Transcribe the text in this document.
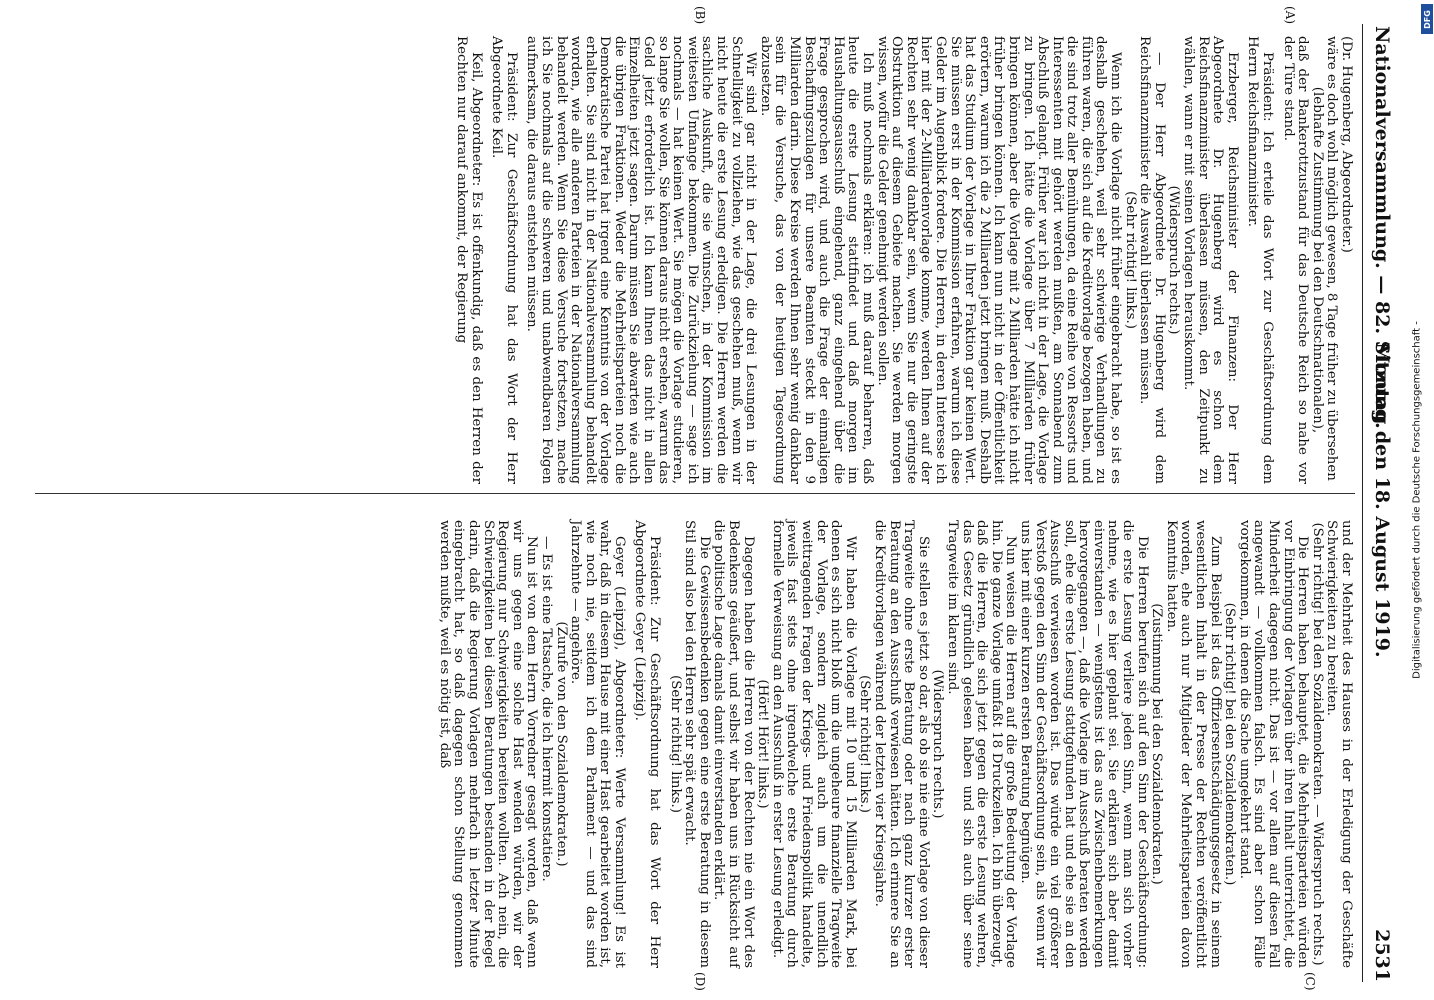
Nationalversammlung. — 82. Sitzung.
Montag den 18. August 1919.
2531
(A)
(B)
(C)
(D)

(Dr. Hugenberg, Abgeordneter.)

wäre es doch wohl möglich gewesen, 8 Tage früher zu übersehen

(lebhafte Zustimmung bei den Deutschnationalen),

daß der Bankerottzustand für das Deutsche Reich so nahe vor der Türe stand.

Präsident: Ich erteile das Wort zur Geschäftsordnung dem Herrn Reichsfinanzminister.

Erzberger, Reichsminister der Finanzen: Der Herr Abgeordnete Dr. Hugenberg wird es schon dem Reichsfinanzminister überlassen müssen, den Zeitpunkt zu wählen, wann er mit seinen Vorlagen herauskommt.

(Widerspruch rechts.)

— Der Herr Abgeordnete Dr. Hugenberg wird dem Reichsfinanzminister die Auswahl überlassen müssen.

(Sehr richtig! links.)

Wenn ich die Vorlage nicht früher eingebracht habe, so ist es deshalb geschehen, weil sehr schwierige Verhandlungen zu führen waren, die sich auf die Kreditvorlage bezogen haben, und die sind trotz aller Bemühungen, da eine Reihe von Ressorts und Interessenten mit gehört werden mußten, am Sonnabend zum Abschluß gelangt. Früher war ich nicht in der Lage, die Vorlage zu bringen. Ich hätte die Vorlage über 7 Milliarden früher bringen können, aber die Vorlage mit 2 Milliarden hätte ich nicht früher bringen können. Ich kann nun nicht in der Öffentlichkeit erörtern, warum ich die 2 Milliarden jetzt bringen muß. Deshalb hat das Studium der Vorlage in Ihrer Fraktion gar keinen Wert. Sie müssen erst in der Kommission erfahren, warum ich diese Gelder im Augenblick fordere. Die Herren, in deren Interesse ich hier mit der 2-Milliardenvorlage komme, werden Ihnen auf der Rechten sehr wenig dankbar sein, wenn Sie nur die geringste Obstruktion auf diesem Gebiete machen. Sie werden morgen wissen, wofür die Gelder genehmigt werden sollen.

Ich muß nochmals erklären: ich muß darauf beharren, daß heute die erste Lesung stattfindet und daß morgen im Haushaltungsausschuß eingehend, ganz eingehend über die Frage gesprochen wird, und auch die Frage der einmaligen Beschaffungszulagen für unsere Beamten steckt in den 9 Milliarden darin. Diese Kreise werden Ihnen sehr wenig dankbar sein für die Versuche, das von der heutigen Tagesordnung abzusetzen.

Wir sind gar nicht in der Lage, die drei Lesungen in der Schnelligkeit zu vollziehen, wie das geschehen muß, wenn wir nicht heute die erste Lesung erledigen. Die Herren werden die sachliche Auskunft, die sie wünschen, in der Kommission im weitesten Umfange bekommen. Die Zurückziehung — sage ich nochmals — hat keinen Wert. Sie mögen die Vorlage studieren, so lange Sie wollen, Sie können daraus nicht ersehen, warum das Geld jetzt erforderlich ist. Ich kann Ihnen das nicht in allen Einzelheiten jetzt sagen. Darum müssen Sie abwarten wie auch die übrigen Fraktionen. Weder die Mehrheitsparteien noch die Demokratische Partei hat irgend eine Kenntnis von der Vorlage erhalten. Sie sind nicht in der Nationalversammlung behandelt worden, wie alle anderen Parteien in der Nationalversammlung behandelt werden. Wenn Sie diese Versuche fortsetzen, mache ich Sie nochmals auf die schweren und unabwendbaren Folgen aufmerksam, die daraus entstehen müssen.

Präsident: Zur Geschäftsordnung hat das Wort der Herr Abgeordnete Keil.

Keil, Abgeordneter: Es ist offenkundig, daß es den Herren der Rechten nur darauf ankommt, der Regierung

und der Mehrheit des Hauses in der Erledigung der Geschäfte Schwierigkeiten zu bereiten.

(Sehr richtig! bei den Sozialdemokraten. — Widerspruch rechts.)

Die Herren haben behauptet, die Mehrheitsparteien würden vor Einbringung der Vorlagen über ihren Inhalt unterrichtet, die Minderheit dagegen nicht. Das ist — vor allem auf diesen Fall angewandt — vollkommen falsch. Es sind aber schon Fälle vorgekommen, in denen die Sache umgekehrt stand.

(Sehr richtig! bei den Sozialdemokraten.)

Zum Beispiel ist das Offiziersentschädigungsgesetz in seinem wesentlichen Inhalt in der Presse der Rechten veröffentlicht worden, ehe auch nur Mitglieder der Mehrheitsparteien davon Kenntnis hatten.

(Zustimmung bei den Sozialdemokraten.)

Die Herren berufen sich auf den Sinn der Geschäftsordnung: die erste Lesung verliere jeden Sinn, wenn man sich vorher nehme, wie es hier geplant sei. Sie erklären sich aber damit einverstanden — wenigstens ist das aus Zwischenbemerkungen hervorgegangen —, daß die Vorlage im Ausschuß beraten werden soll, ehe die erste Lesung stattgefunden hat und ehe sie an den Ausschuß verwiesen worden ist. Das würde ein viel größerer Verstoß gegen den Sinn der Geschäftsordnung sein, als wenn wir uns hier mit einer kurzen ersten Beratung begnügen.

Nun weisen die Herren auf die große Bedeutung der Vorlage hin. Die ganze Vorlage umfaßt 18 Druckzeilen. Ich bin überzeugt, daß die Herren, die sich jetzt gegen die erste Lesung wehren, das Gesetz gründlich gelesen haben und sich auch über seine Tragweite im klaren sind.

(Widerspruch rechts.)

Sie stellen es jetzt so dar, als ob sie nie eine Vorlage von dieser Tragweite ohne erste Beratung oder nach ganz kurzer erster Beratung an den Ausschuß verwiesen hätten. Ich erinnere Sie an die Kreditvorlagen während der letzten vier Kriegsjahre.

(Sehr richtig! links.)

Wir haben die Vorlage mit 10 und 15 Milliarden Mark, bei denen es sich nicht bloß um die ungeheure finanzielle Tragweite der Vorlage, sondern zugleich auch um die unendlich weittragenden Fragen der Kriegs- und Friedenspolitik handelte, jeweils fast stets ohne irgendwelche erste Beratung durch formelle Verweisung an den Ausschuß in erster Lesung erledigt.

(Hört! Hört! links.)

Dagegen haben die Herren von der Rechten nie ein Wort des Bedenkens geäußert, und selbst wir haben uns in Rücksicht auf die politische Lage damals damit einverstanden erklärt.

Die Gewissensbedenken gegen eine erste Beratung in diesem Stil sind also bei den Herren sehr spät erwacht.

(Sehr richtig! links.)

Präsident: Zur Geschäftsordnung hat das Wort der Herr Abgeordnete Geyer (Leipzig).

Geyer (Leipzig), Abgeordneter: Werte Versammlung! Es ist wahr, daß in diesem Hause mit einer Hast gearbeitet worden ist, wie noch nie, seitdem ich dem Parlament — und das sind Jahrzehnte — angehöre.

(Zurufe von den Sozialdemokraten.)

— Es ist eine Tatsache, die ich hiermit konstatiere.

Nun ist von dem Herrn Vorredner gesagt worden, daß wenn wir uns gegen eine solche Hast wenden würden, wir der Regierung nur Schwierigkeiten bereiten wollten. Ach nein, die Schwierigkeiten bei diesen Beratungen bestanden in der Regel darin, daß die Regierung Vorlagen mehrfach in letzter Minute eingebracht hat, so daß dagegen schon Stellung genommen werden mußte, weil es nötig ist, daß	Digitalisierung gefördert durch die Deutsche Forschungsgemeinschaft -
DFG
